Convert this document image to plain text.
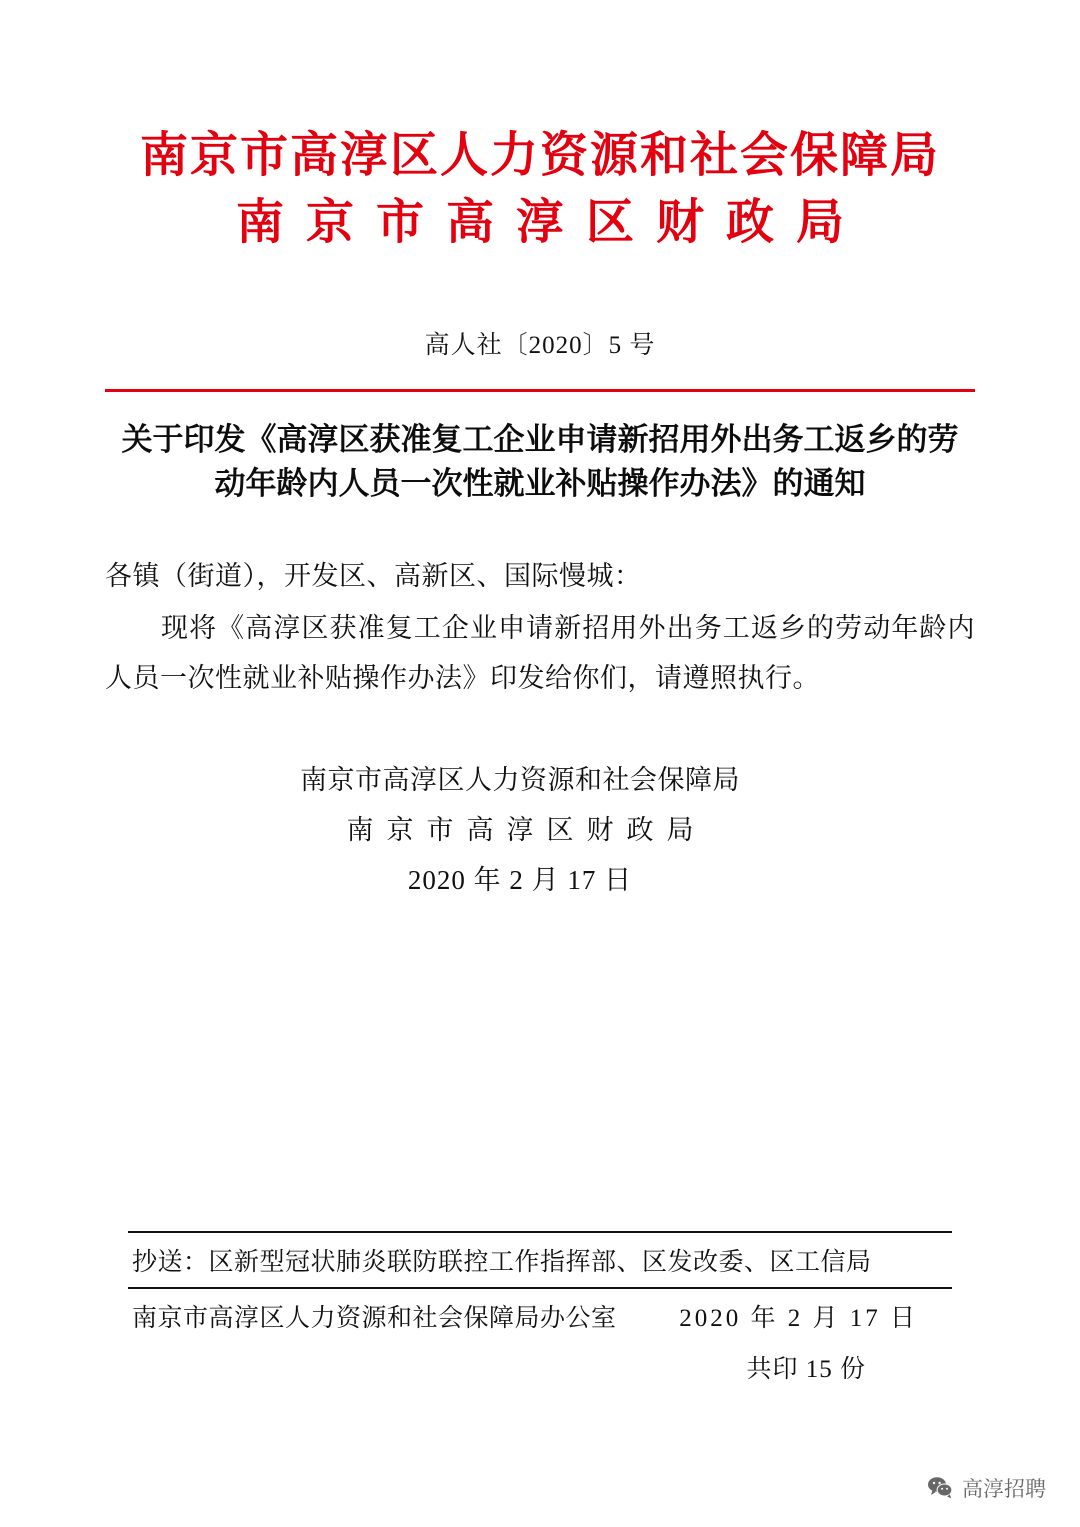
南京市高淳区人力资源和社会保障局
南京市高淳区财政局
高人社〔2020〕5 号
关于印发《高淳区获准复工企业申请新招用外出务工返乡的劳动年龄内人员一次性就业补贴操作办法》的通知
各镇（街道），开发区、高新区、国际慢城：
现将《高淳区获准复工企业申请新招用外出务工返乡的劳动年龄内人员一次性就业补贴操作办法》印发给你们，请遵照执行。
南京市高淳区人力资源和社会保障局
南京市高淳区财政局
2020 年 2 月 17 日
抄送：区新型冠状肺炎联防联控工作指挥部、区发改委、区工信局
南京市高淳区人力资源和社会保障局办公室	2020 年 2 月 17 日
共印 15 份
高淳招聘
